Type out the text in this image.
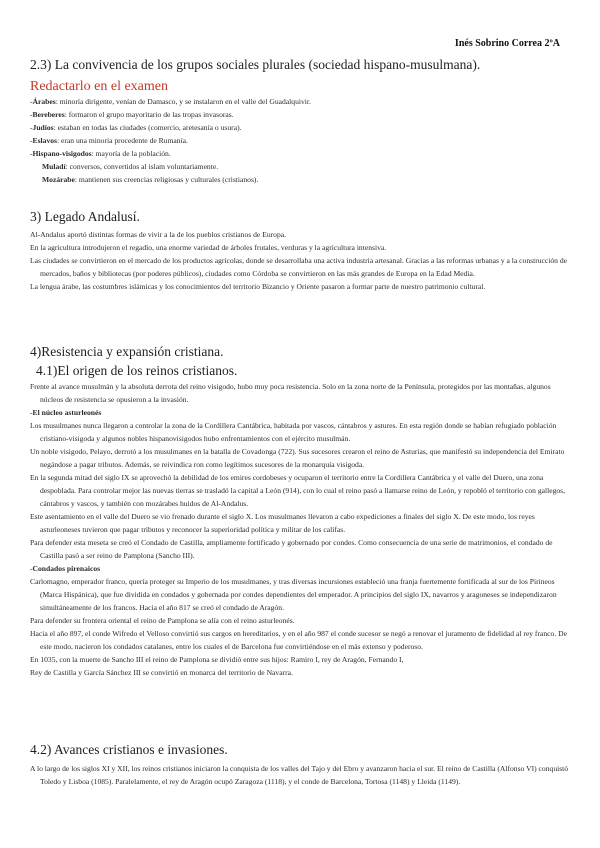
Inés Sobrino Correa 2ºA
2.3) La convivencia de los grupos sociales plurales (sociedad hispano-musulmana).
Redactarlo en el examen
-Árabes: minoría dirigente, venían de Damasco, y se instalaron en el valle del Guadalquivir.
-Bereberes: formaron el grupo mayoritario de las tropas invasoras.
-Judíos: estaban en todas las ciudades (comercio, aretesanía o usura).
-Eslavos: eran una minoría procedente de Rumanía.
-Hispano-visigodos: mayoría de la población.
Muladí: conversos, convertidos al islam voluntariamente.
Mozárabe: mantienen sus creencias religiosas y culturales (cristianos).
3) Legado Andalusí.
Al-Andalus aportó distintas formas de vivir a la de los pueblos cristianos de Europa.
En la agricultura introdujeron el regadío, una enorme variedad de árboles frutales, verduras y la agricultura intensiva.
Las ciudades se convirtieron en el mercado de los productos agrícolas, donde se desarrollaba una activa industria artesanal. Gracias a las reformas urbanas y a la construcción de mercados, baños y bibliotecas (por poderes públicos), ciudades como Córdoba se convirtieron en las más grandes de Europa en la Edad Media.
La lengua árabe, las costumbres islámicas y los conocimientos del territorio Bizancio y Oriente pasaron a formar parte de nuestro patrimonio cultural.
4)Resistencia y expansión cristiana.
4.1)El origen de los reinos cristianos.
Frente al avance musulmán y la absoluta derrota del reino visigodo, hubo muy poca resistencia. Solo en la zona norte de la Península, protegidos por las montañas, algunos núcleos de resistencia se opusieron a la invasión.
-El núcleo asturleonés
Los musulmanes nunca llegaron a controlar la zona de la Cordillera Cantábrica, habitada por vascos, cántabros y astures. En esta región donde se habían refugiado población cristiano-visigoda y algunos nobles hispanovisigodos hubo enfrentamientos con el ejército musulmán.
Un noble visigodo, Pelayo, derrotó a los musulmanes en la batalla de Covadonga (722). Sus sucesores crearon el reino de Asturias, que manifestó su independencia del Emirato negándose a pagar tributos. Además, se reivindica ron como legítimos sucesores de la monarquía visigoda.
En la segunda mitad del siglo IX se aprovechó la debilidad de los emires cordobeses y ocuparon el territorio entre la Cordillera Cantábrica y el valle del Duero, una zona despoblada. Para controlar mejor las nuevas tierras se trasladó la capital a León (914), con lo cual el reino pasó a llamarse reino de León, y repobló el territorio con gallegos, cántabros y vascos, y también con mozárabes huidos de Al-Andalus.
Este asentamiento en el valle del Duero se vio frenado durante el siglo X. Los musulmanes llevaron a cabo expediciones a finales del siglo X. De este modo, los reyes asturleoneses tuvieron que pagar tributos y reconocer la superioridad política y militar de los califas.
Para defender esta meseta se creó el Condado de Castilla, ampliamente fortificado y gobernado por condes. Como consecuencia de una serie de matrimonios, el condado de Castilla pasó a ser reino de Pamplona (Sancho III).
-Condados pirenaicos
Carlomagno, emperador franco, quería proteger su Imperio de los musulmanes, y tras diversas incursiones estableció una franja fuertemente fortificada al sur de los Pirineos (Marca Hispánica), que fue dividida en condados y gobernada por condes dependientes del emperador. A principios del siglo IX, navarros y aragoneses se independizaron simultáneamente de los francos. Hacia el año 817 se creó el condado de Aragón.
Para defender su frontera oriental el reino de Pamplona se alía con el reino asturleonés.
Hacia el año 897, el conde Wifredo el Velloso convirtió sus cargos en hereditarios, y en el año 987 el conde sucesor se negó a renovar el juramento de fidelidad al rey franco. De este modo, nacieron los condados catalanes, entre los cuales el de Barcelona fue convirtiéndose en el más extenso y poderoso.
En 1035, con la muerte de Sancho III el reino de Pamplona se dividió entre sus hijos: Ramiro I, rey de Aragón, Fernando I,
Rey de Castilla y García Sánchez III se convirtió en monarca del territorio de Navarra.
4.2) Avances cristianos e invasiones.
A lo largo de los siglos XI y XII, los reinos cristianos iniciaron la conquista de los valles del Tajo y del Ebro y avanzaron hacia el sur. El reino de Castilla (Alfonso VI) conquistó Toledo y Lisboa (1085). Paralelamente, el rey de Aragón ocupó Zaragoza (1118), y el conde de Barcelona, Tortosa (1148) y Lleida (1149).
